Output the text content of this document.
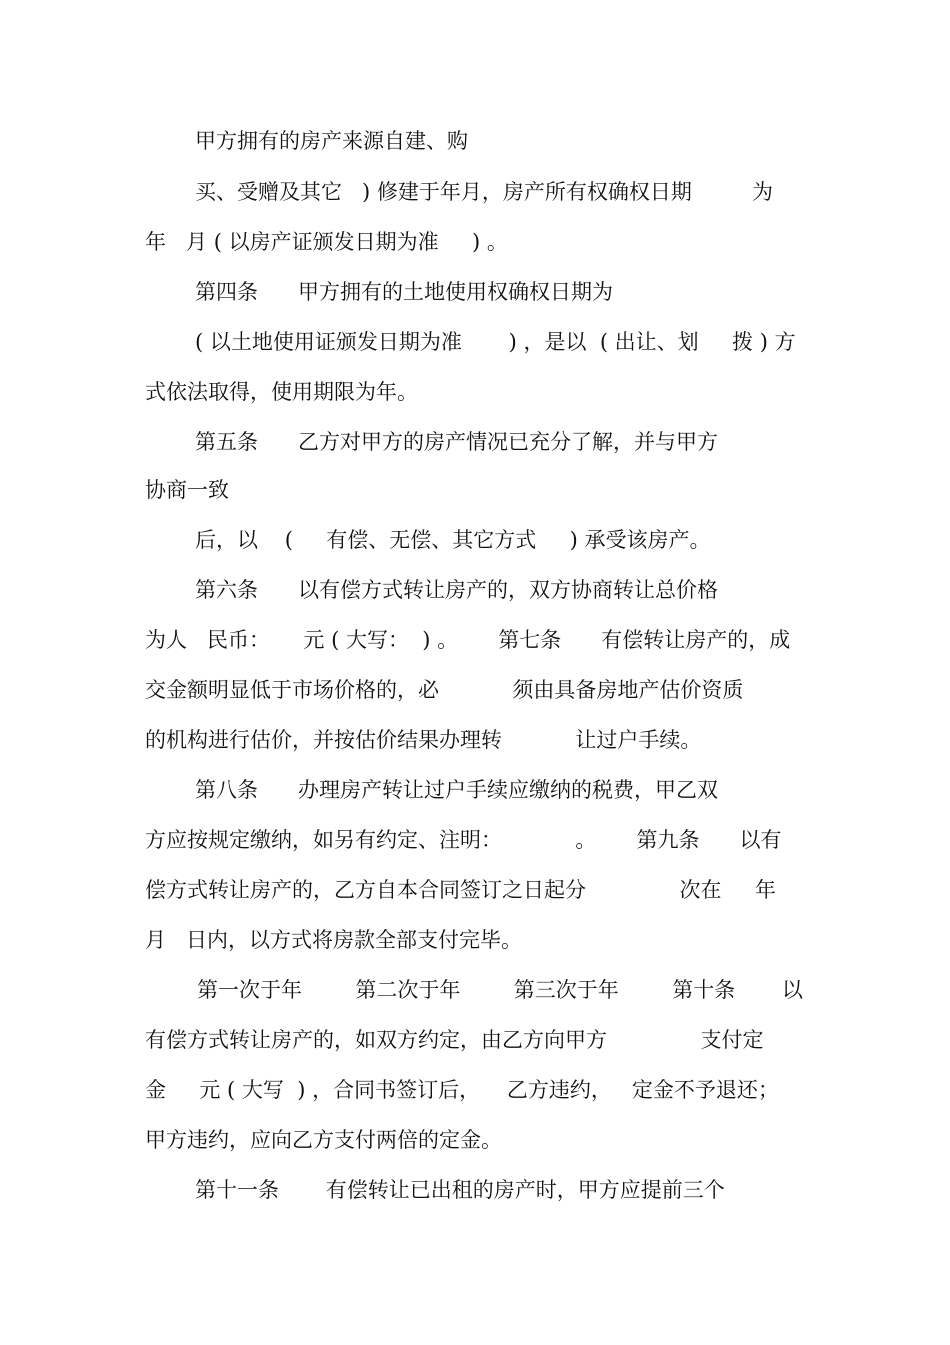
甲方拥有的房产来源自建、购
买、受赠及其它   ) 修建于年月，房产所有权确权日期         为
年   月 ( 以房产证颁发日期为准     ) 。
第四条      甲方拥有的土地使用权确权日期为
( 以土地使用证颁发日期为准       ) ，是以  ( 出让、划     拨 ) 方
式依法取得，使用期限为年。
第五条      乙方对甲方的房产情况已充分了解，并与甲方
协商一致
后，以    (     有偿、无偿、其它方式     ) 承受该房产。
第六条      以有偿方式转让房产的，双方协商转让总价格
为人   民币：     元 ( 大写：  ) 。      第七条      有偿转让房产的，成
交金额明显低于市场价格的，必           须由具备房地产估价资质
的机构进行估价，并按估价结果办理转           让过户手续。
第八条      办理房产转让过户手续应缴纳的税费，甲乙双
方应按规定缴纳，如另有约定、注明：           。      第九条      以有
偿方式转让房产的，乙方自本合同签订之日起分              次在     年
月   日内，以方式将房款全部支付完毕。
第一次于年        第二次于年        第三次于年        第十条       以
有偿方式转让房产的，如双方约定，由乙方向甲方              支付定
金     元 ( 大写  ) ，合同书签订后，    乙方违约，   定金不予退还；
甲方违约，应向乙方支付两倍的定金。
第十一条       有偿转让已出租的房产时，甲方应提前三个
